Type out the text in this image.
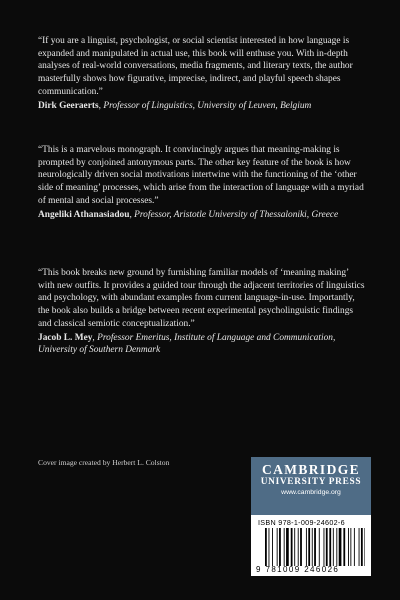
“If you are a linguist, psychologist, or social scientist interested in how language is expanded and manipulated in actual use, this book will enthuse you. With in-depth analyses of real-world conversations, media fragments, and literary texts, the author masterfully shows how figurative, imprecise, indirect, and playful speech shapes communication.”

Dirk Geeraerts, Professor of Linguistics, University of Leuven, Belgium

“This is a marvelous monograph. It convincingly argues that meaning-making is prompted by conjoined antonymous parts. The other key feature of the book is how neurologically driven social motivations intertwine with the functioning of the ‘other side of meaning’ processes, which arise from the interaction of language with a myriad of mental and social processes.”

Angeliki Athanasiadou, Professor, Aristotle University of Thessaloniki, Greece

“This book breaks new ground by furnishing familiar models of ‘meaning making’ with new outfits. It provides a guided tour through the adjacent territories of linguistics and psychology, with abundant examples from current language-in-use. Importantly, the book also builds a bridge between recent experimental psycholinguistic findings and classical semiotic conceptualization.”

Jacob L. Mey, Professor Emeritus, Institute of Language and Communication, University of Southern Denmark
Cover image created by Herbert L. Colston	CAMBRIDGE
UNIVERSITY PRESS
www.cambridge.org
ISBN 978-1-009-24602-6
9 781009 246026
